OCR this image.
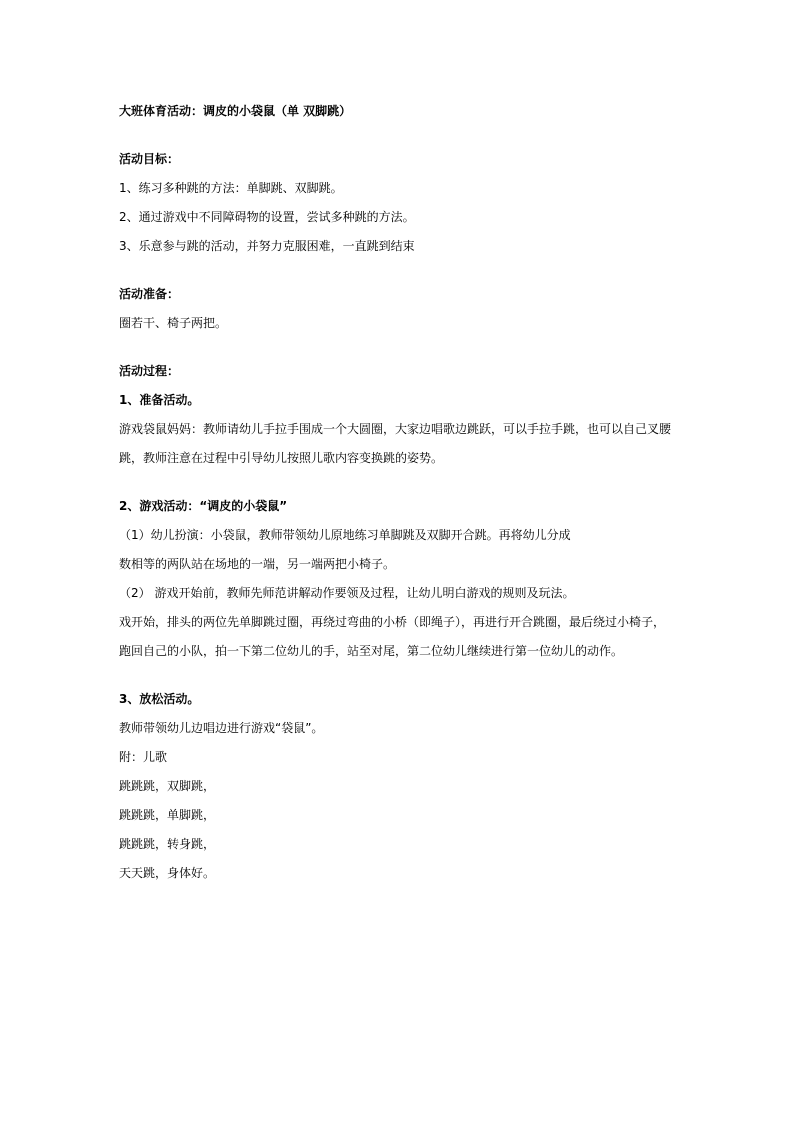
大班体育活动：调皮的小袋鼠（单 双脚跳）
活动目标：
1、练习多种跳的方法：单脚跳、双脚跳。
2、通过游戏中不同障碍物的设置，尝试多种跳的方法。
3、乐意参与跳的活动，并努力克服困难，一直跳到结束
活动准备：
圈若干、椅子两把。
活动过程：
1、准备活动。
游戏袋鼠妈妈：教师请幼儿手拉手围成一个大圆圈，大家边唱歌边跳跃，可以手拉手跳，也可以自己叉腰
跳，教师注意在过程中引导幼儿按照儿歌内容变换跳的姿势。
2、游戏活动：“调皮的小袋鼠”
（1）幼儿扮演：小袋鼠，教师带领幼儿原地练习单脚跳及双脚开合跳。再将幼儿分成
数相等的两队站在场地的一端，另一端两把小椅子。
（2） 游戏开始前，教师先师范讲解动作要领及过程，让幼儿明白游戏的规则及玩法。
戏开始，排头的两位先单脚跳过圈，再绕过弯曲的小桥（即绳子），再进行开合跳圈，最后绕过小椅子，
跑回自己的小队，拍一下第二位幼儿的手，站至对尾，第二位幼儿继续进行第一位幼儿的动作。
3、放松活动。
教师带领幼儿边唱边进行游戏“袋鼠”。
附：儿歌
跳跳跳，双脚跳，
跳跳跳，单脚跳，
跳跳跳，转身跳，
天天跳，身体好。
